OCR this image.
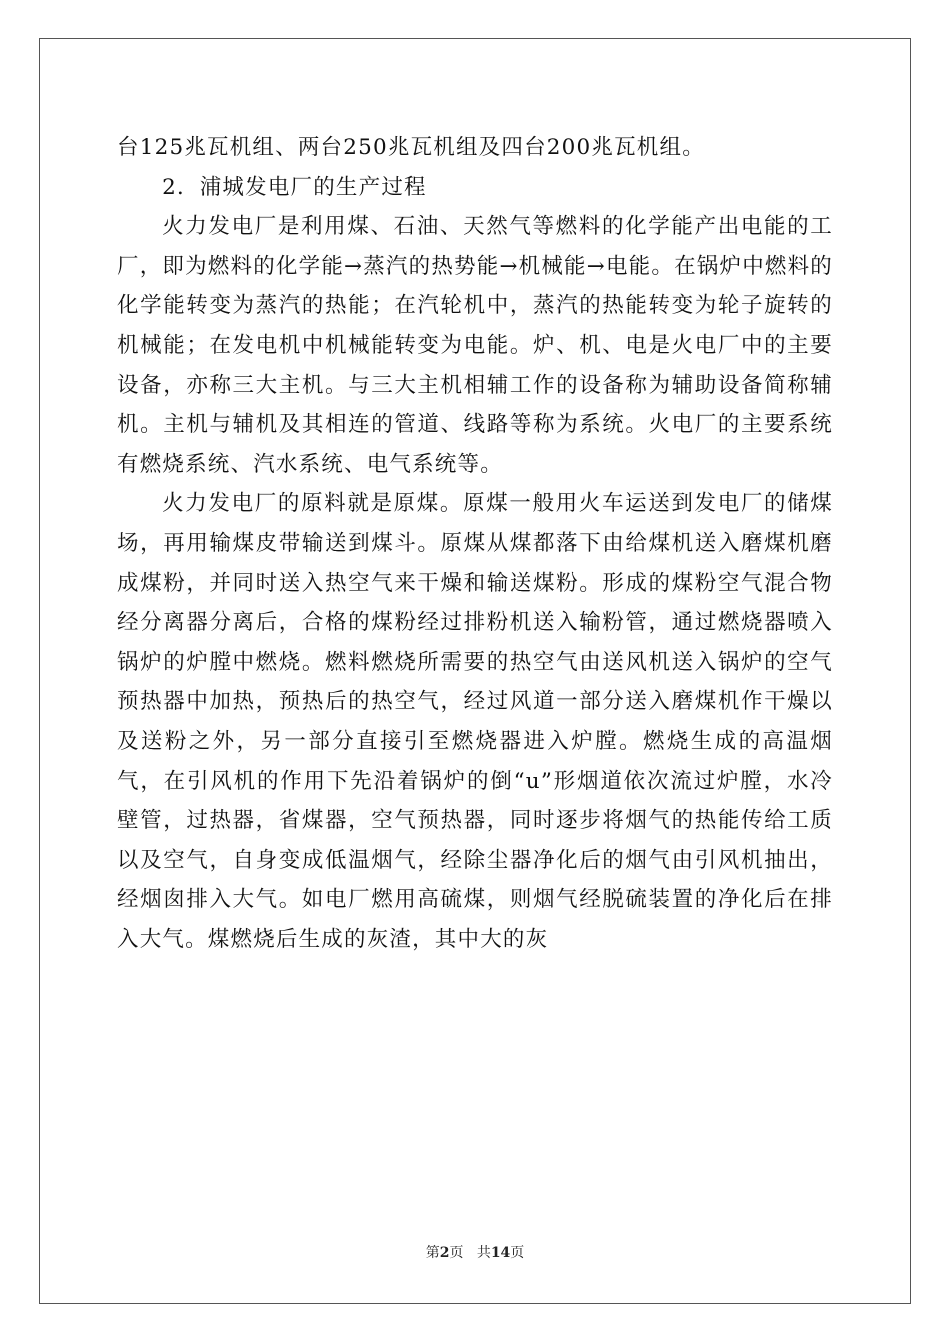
台125兆瓦机组、两台250兆瓦机组及四台200兆瓦机组。

2．浦城发电厂的生产过程

火力发电厂是利用煤、石油、天然气等燃料的化学能产出电能的工厂，即为燃料的化学能→蒸汽的热势能→机械能→电能。在锅炉中燃料的化学能转变为蒸汽的热能；在汽轮机中，蒸汽的热能转变为轮子旋转的机械能；在发电机中机械能转变为电能。炉、机、电是火电厂中的主要设备，亦称三大主机。与三大主机相辅工作的设备称为辅助设备简称辅机。主机与辅机及其相连的管道、线路等称为系统。火电厂的主要系统有燃烧系统、汽水系统、电气系统等。

火力发电厂的原料就是原煤。原煤一般用火车运送到发电厂的储煤场，再用输煤皮带输送到煤斗。原煤从煤都落下由给煤机送入磨煤机磨成煤粉，并同时送入热空气来干燥和输送煤粉。形成的煤粉空气混合物经分离器分离后，合格的煤粉经过排粉机送入输粉管，通过燃烧器喷入锅炉的炉膛中燃烧。燃料燃烧所需要的热空气由送风机送入锅炉的空气预热器中加热，预热后的热空气，经过风道一部分送入磨煤机作干燥以及送粉之外，另一部分直接引至燃烧器进入炉膛。燃烧生成的高温烟气，在引风机的作用下先沿着锅炉的倒“u”形烟道依次流过炉膛，水冷壁管，过热器，省煤器，空气预热器，同时逐步将烟气的热能传给工质以及空气，自身变成低温烟气，经除尘器净化后的烟气由引风机抽出，经烟囱排入大气。如电厂燃用高硫煤，则烟气经脱硫装置的净化后在排入大气。煤燃烧后生成的灰渣，其中大的灰

第2页 共14页
